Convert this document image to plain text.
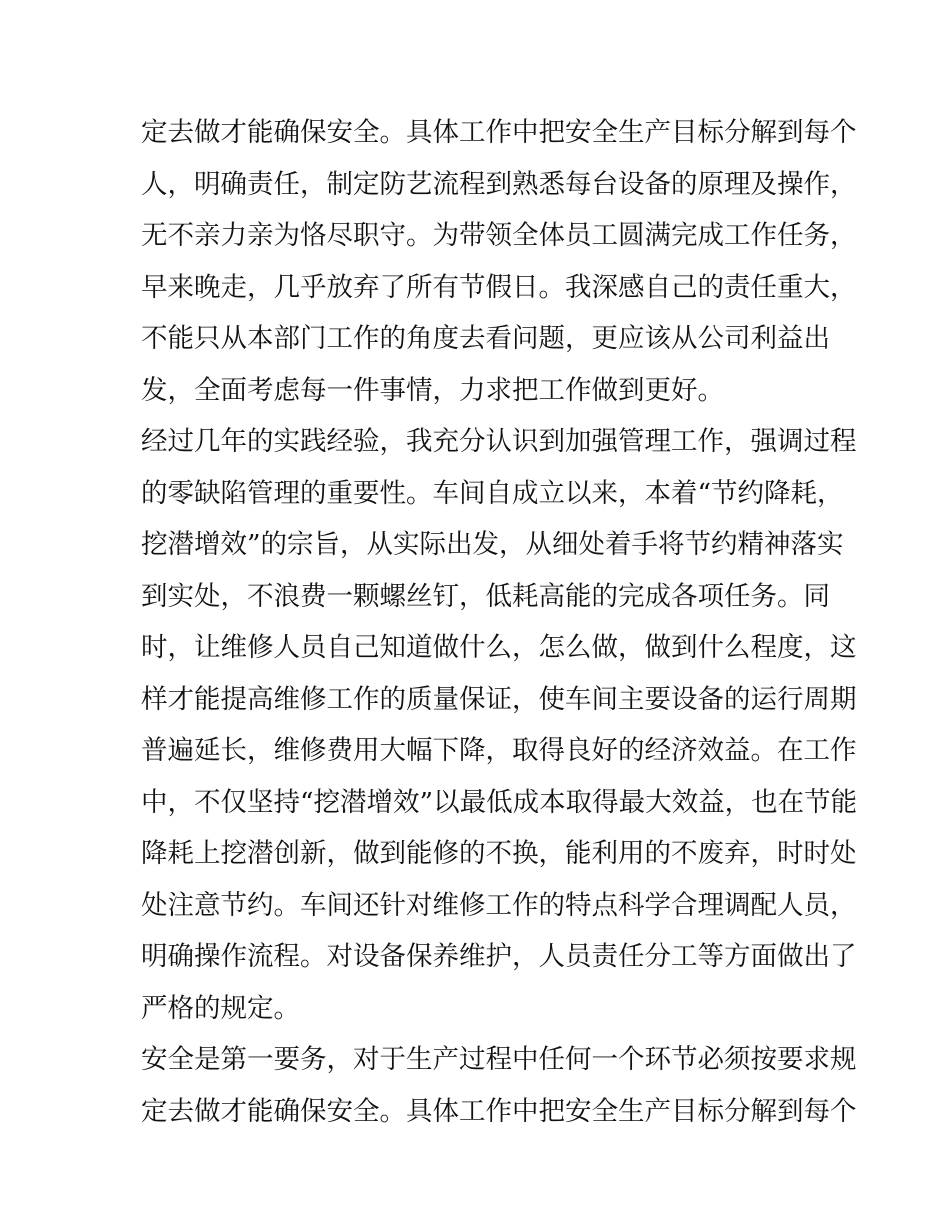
定去做才能确保安全。具体工作中把安全生产目标分解到每个
人，明确责任，制定防艺流程到熟悉每台设备的原理及操作，
无不亲力亲为恪尽职守。为带领全体员工圆满完成工作任务，
早来晚走，几乎放弃了所有节假日。我深感自己的责任重大，
不能只从本部门工作的角度去看问题，更应该从公司利益出
发，全面考虑每一件事情，力求把工作做到更好。
经过几年的实践经验，我充分认识到加强管理工作，强调过程
的零缺陷管理的重要性。车间自成立以来，本着“节约降耗，
挖潜增效”的宗旨，从实际出发，从细处着手将节约精神落实
到实处，不浪费一颗螺丝钉，低耗高能的完成各项任务。同
时，让维修人员自己知道做什么，怎么做，做到什么程度，这
样才能提高维修工作的质量保证，使车间主要设备的运行周期
普遍延长，维修费用大幅下降，取得良好的经济效益。在工作
中，不仅坚持“挖潜增效”以最低成本取得最大效益，也在节能
降耗上挖潜创新，做到能修的不换，能利用的不废弃，时时处
处注意节约。车间还针对维修工作的特点科学合理调配人员，
明确操作流程。对设备保养维护，人员责任分工等方面做出了
严格的规定。
安全是第一要务，对于生产过程中任何一个环节必须按要求规
定去做才能确保安全。具体工作中把安全生产目标分解到每个
